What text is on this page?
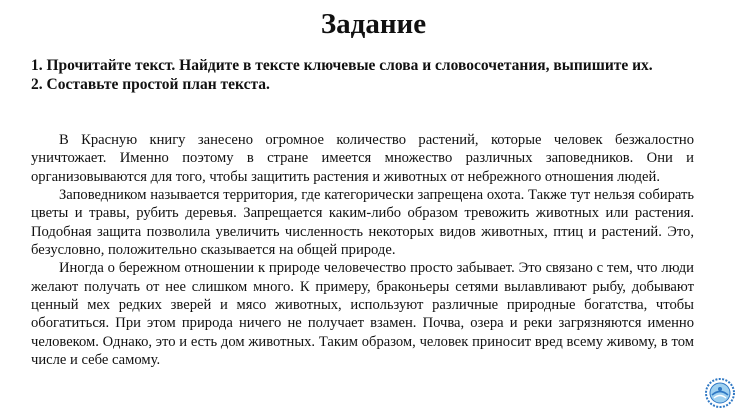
Задание
1. Прочитайте текст. Найдите в тексте ключевые слова и словосочетания, выпишите их.
2. Составьте простой план текста.

В Красную книгу занесено огромное количество растений, которые человек безжалостно уничтожает. Именно поэтому в стране имеется множество различных заповедников. Они и организовываются для того, чтобы защитить растения и животных от небрежного отношения людей.

Заповедником называется территория, где категорически запрещена охота. Также тут нельзя собирать цветы и травы, рубить деревья. Запрещается каким-либо образом тревожить животных или растения. Подобная защита позволила увеличить численность некоторых видов животных, птиц и растений. Это, безусловно, положительно сказывается на общей природе.

Иногда о бережном отношении к природе человечество просто забывает. Это связано с тем, что люди желают получать от нее слишком много. К примеру, браконьеры сетями вылавливают рыбу, добывают ценный мех редких зверей и мясо животных, используют различные природные богатства, чтобы обогатиться. При этом природа ничего не получает взамен. Почва, озера и реки загрязняются именно человеком. Однако, это и есть дом животных. Таким образом, человек приносит вред всему живому, в том числе и себе самому.
